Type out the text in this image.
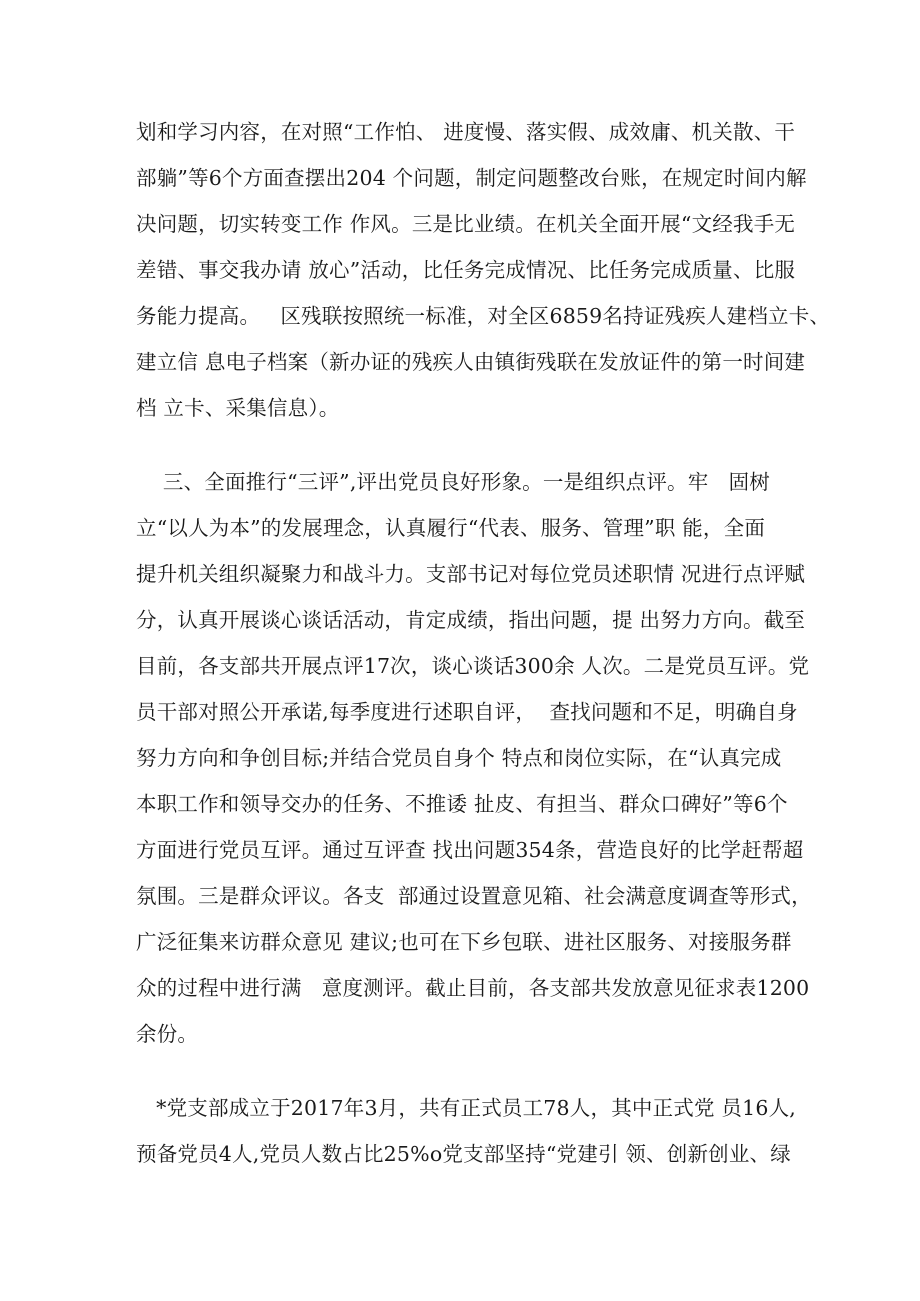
划和学习内容，在对照“工作怕、 进度慢、落实假、成效庸、机关散、干
部躺”等6个方面查摆出204 个问题，制定问题整改台账，在规定时间内解
决问题，切实转变工作 作风。三是比业绩。在机关全面开展“文经我手无
差错、事交我办请 放心”活动，比任务完成情况、比任务完成质量、比服
务能力提高。   区残联按照统一标准，对全区6859名持证残疾人建档立卡、
建立信 息电子档案（新办证的残疾人由镇街残联在发放证件的第一时间建
档 立卡、采集信息）。
三、全面推行“三评”,评出党员良好形象。一是组织点评。牢   固树
立“以人为本”的发展理念，认真履行“代表、服务、管理”职 能，全面
提升机关组织凝聚力和战斗力。支部书记对每位党员述职情 况进行点评赋
分，认真开展谈心谈话活动，肯定成绩，指出问题，提 出努力方向。截至
目前，各支部共开展点评17次，谈心谈话300余 人次。二是党员互评。党
员干部对照公开承诺,每季度进行述职自评，  查找问题和不足，明确自身
努力方向和争创目标;并结合党员自身个 特点和岗位实际，在“认真完成
本职工作和领导交办的任务、不推诿 扯皮、有担当、群众口碑好”等6个
方面进行党员互评。通过互评查 找出问题354条，营造良好的比学赶帮超
氛围。三是群众评议。各支  部通过设置意见箱、社会满意度调查等形式，
广泛征集来访群众意见 建议;也可在下乡包联、进社区服务、对接服务群
众的过程中进行满   意度测评。截止目前，各支部共发放意见征求表1200
余份。
*党支部成立于2017年3月，共有正式员工78人，其中正式党 员16人,
预备党员4人,党员人数占比25%o党支部坚持“党建引 领、创新创业、绿
